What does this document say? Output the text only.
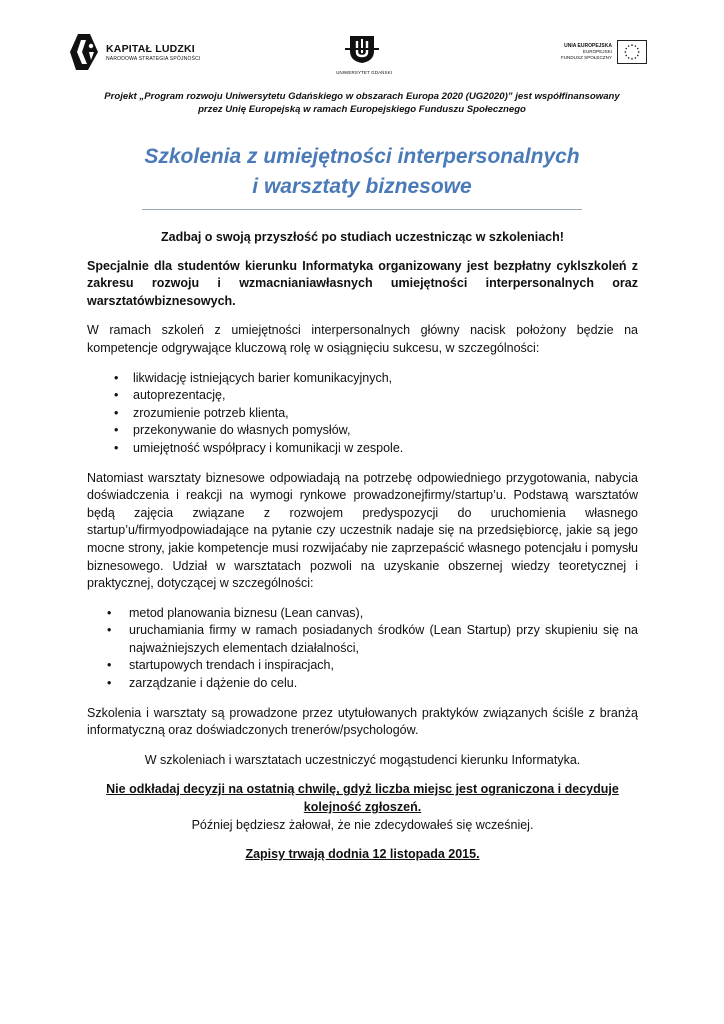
KAPITAŁ LUDZKI
NARODOWA STRATEGIA SPÓJNOŚCI
UNIWERSYTET GDAŃSKI
UNIA EUROPEJSKA
EUROPEJSKI
FUNDUSZ SPOŁECZNY
Projekt „Program rozwoju Uniwersytetu Gdańskiego w obszarach Europa 2020 (UG2020)” jest współfinansowany
przez Unię Europejską w ramach Europejskiego Funduszu Społecznego
Szkolenia z umiejętności interpersonalnych
i warsztaty biznesowe

Zadbaj o swoją przyszłość po studiach uczestnicząc w szkoleniach!

Specjalnie dla studentów kierunku Informatyka organizowany jest bezpłatny cyklszkoleń z zakresu rozwoju i wzmacnianiawłasnych umiejętności interpersonalnych oraz warsztatówbiznesowych.

W ramach szkoleń z umiejętności interpersonalnych główny nacisk położony będzie na kompetencje odgrywające kluczową rolę w osiągnięciu sukcesu, w szczególności:

• likwidację istniejących barier komunikacyjnych,
• autoprezentację,
• zrozumienie potrzeb klienta,
• przekonywanie do własnych pomysłów,
• umiejętność współpracy i komunikacji w zespole.

Natomiast warsztaty biznesowe odpowiadają na potrzebę odpowiedniego przygotowania, nabycia doświadczenia i reakcji na wymogi rynkowe prowadzonejfirmy/startup’u. Podstawą warsztatów będą zajęcia związane z rozwojem predyspozycji do uruchomienia własnego startup’u/firmyodpowiadające na pytanie czy uczestnik nadaje się na przedsiębiorcę, jakie są jego mocne strony, jakie kompetencje musi rozwijaćaby nie zaprzepaścić własnego potencjału i pomysłu biznesowego. Udział w warsztatach pozwoli na uzyskanie obszernej wiedzy teoretycznej i praktycznej, dotyczącej w szczególności:

• metod planowania biznesu (Lean canvas),
• uruchamiania firmy w ramach posiadanych środków (Lean Startup) przy skupieniu się na najważniejszych elementach działalności,
• startupowych trendach i inspiracjach,
• zarządzanie i dążenie do celu.

Szkolenia i warsztaty są prowadzone przez utytułowanych praktyków związanych ściśle z branżą informatyczną oraz doświadczonych trenerów/psychologów.

W szkoleniach i warsztatach uczestniczyć mogąstudenci kierunku Informatyka.

Nie odkładaj decyzji na ostatnią chwilę, gdyż liczba miejsc jest ograniczona i decyduje kolejność zgłoszeń.

Później będziesz żałował, że nie zdecydowałeś się wcześniej.

Zapisy trwają dodnia 12 listopada 2015.
